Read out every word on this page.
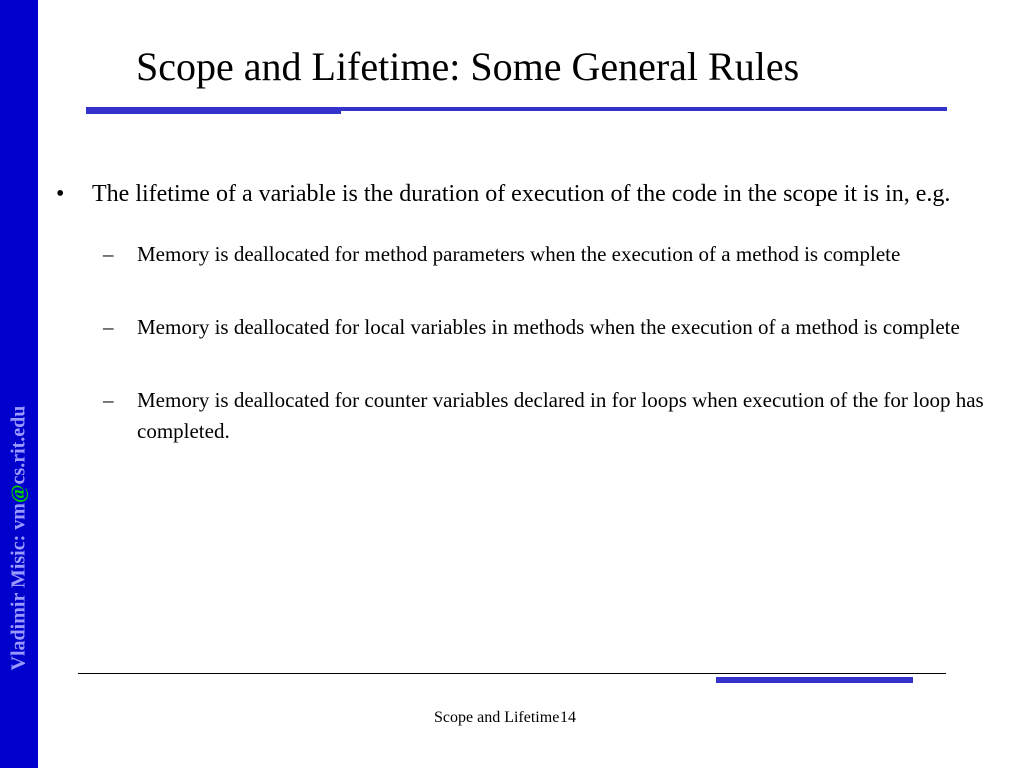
Vladimir Misic: vm@cs.rit.edu
Scope and Lifetime: Some General Rules
• The lifetime of a variable is the duration of execution of the code in the scope it is in, e.g.
– Memory is deallocated for method parameters when the execution of a method is complete
– Memory is deallocated for local variables in methods when the execution of a method is complete
– Memory is deallocated for counter variables declared in for loops when execution of the for loop has completed.
Scope and Lifetime 14
